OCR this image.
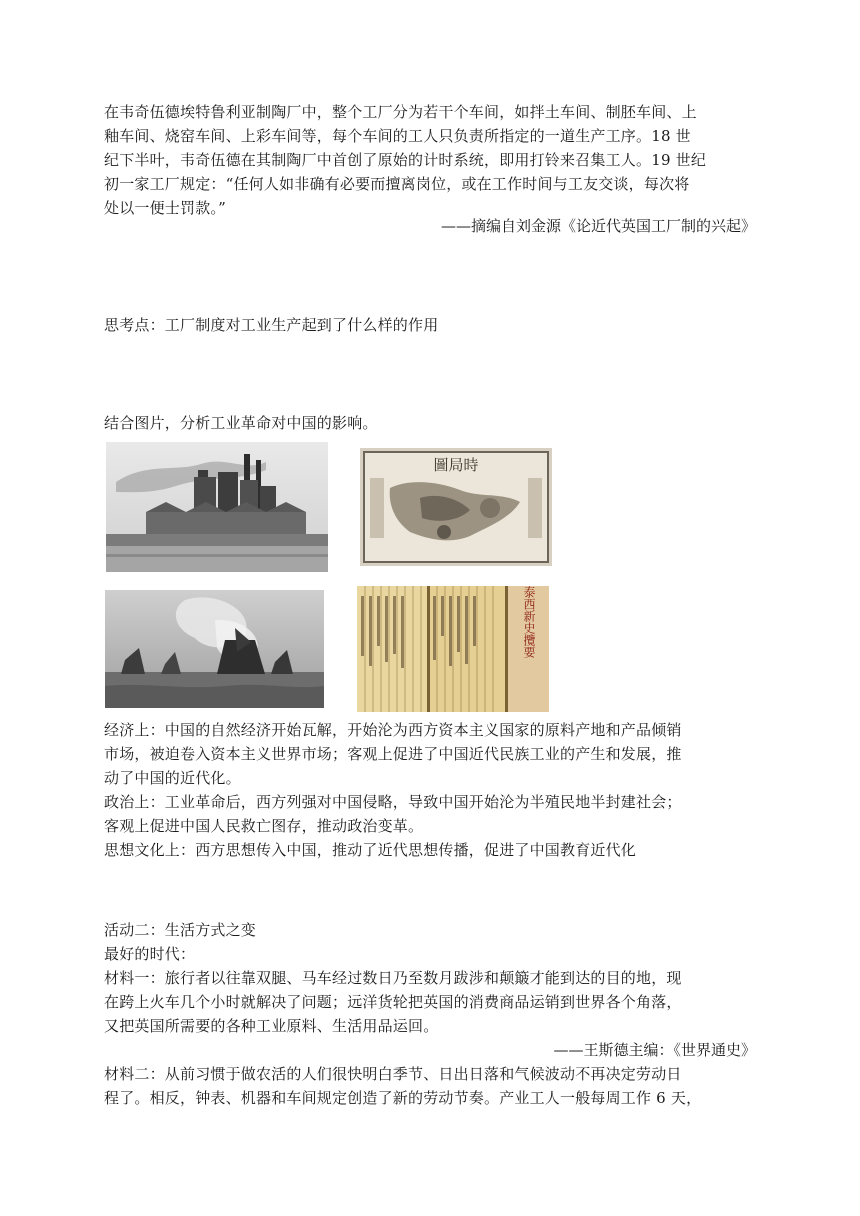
在韦奇伍德埃特鲁利亚制陶厂中，整个工厂分为若干个车间，如拌土车间、制胚车间、上
釉车间、烧窑车间、上彩车间等，每个车间的工人只负责所指定的一道生产工序。18 世
纪下半叶，韦奇伍德在其制陶厂中首创了原始的计时系统，即用打铃来召集工人。19 世纪
初一家工厂规定：“任何人如非确有必要而擅离岗位，或在工作时间与工友交谈，每次将
处以一便士罚款。”
——摘编自刘金源《论近代英国工厂制的兴起》
思考点：工厂制度对工业生产起到了什么样的作用
结合图片，分析工业革命对中国的影响。
圖局時
泰西新史攬要
经济上：中国的自然经济开始瓦解，开始沦为西方资本主义国家的原料产地和产品倾销
市场，被迫卷入资本主义世界市场；客观上促进了中国近代民族工业的产生和发展，推
动了中国的近代化。
政治上：工业革命后，西方列强对中国侵略，导致中国开始沦为半殖民地半封建社会；
客观上促进中国人民救亡图存，推动政治变革。
思想文化上：西方思想传入中国，推动了近代思想传播，促进了中国教育近代化
活动二：生活方式之变
最好的时代：
材料一：旅行者以往靠双腿、马车经过数日乃至数月跋涉和颠簸才能到达的目的地，现
在跨上火车几个小时就解决了问题；远洋货轮把英国的消费商品运销到世界各个角落，
又把英国所需要的各种工业原料、生活用品运回。
——王斯德主编：《世界通史》
材料二：从前习惯于做农活的人们很快明白季节、日出日落和气候波动不再决定劳动日
程了。相反，钟表、机器和车间规定创造了新的劳动节奏。产业工人一般每周工作 6 天，
